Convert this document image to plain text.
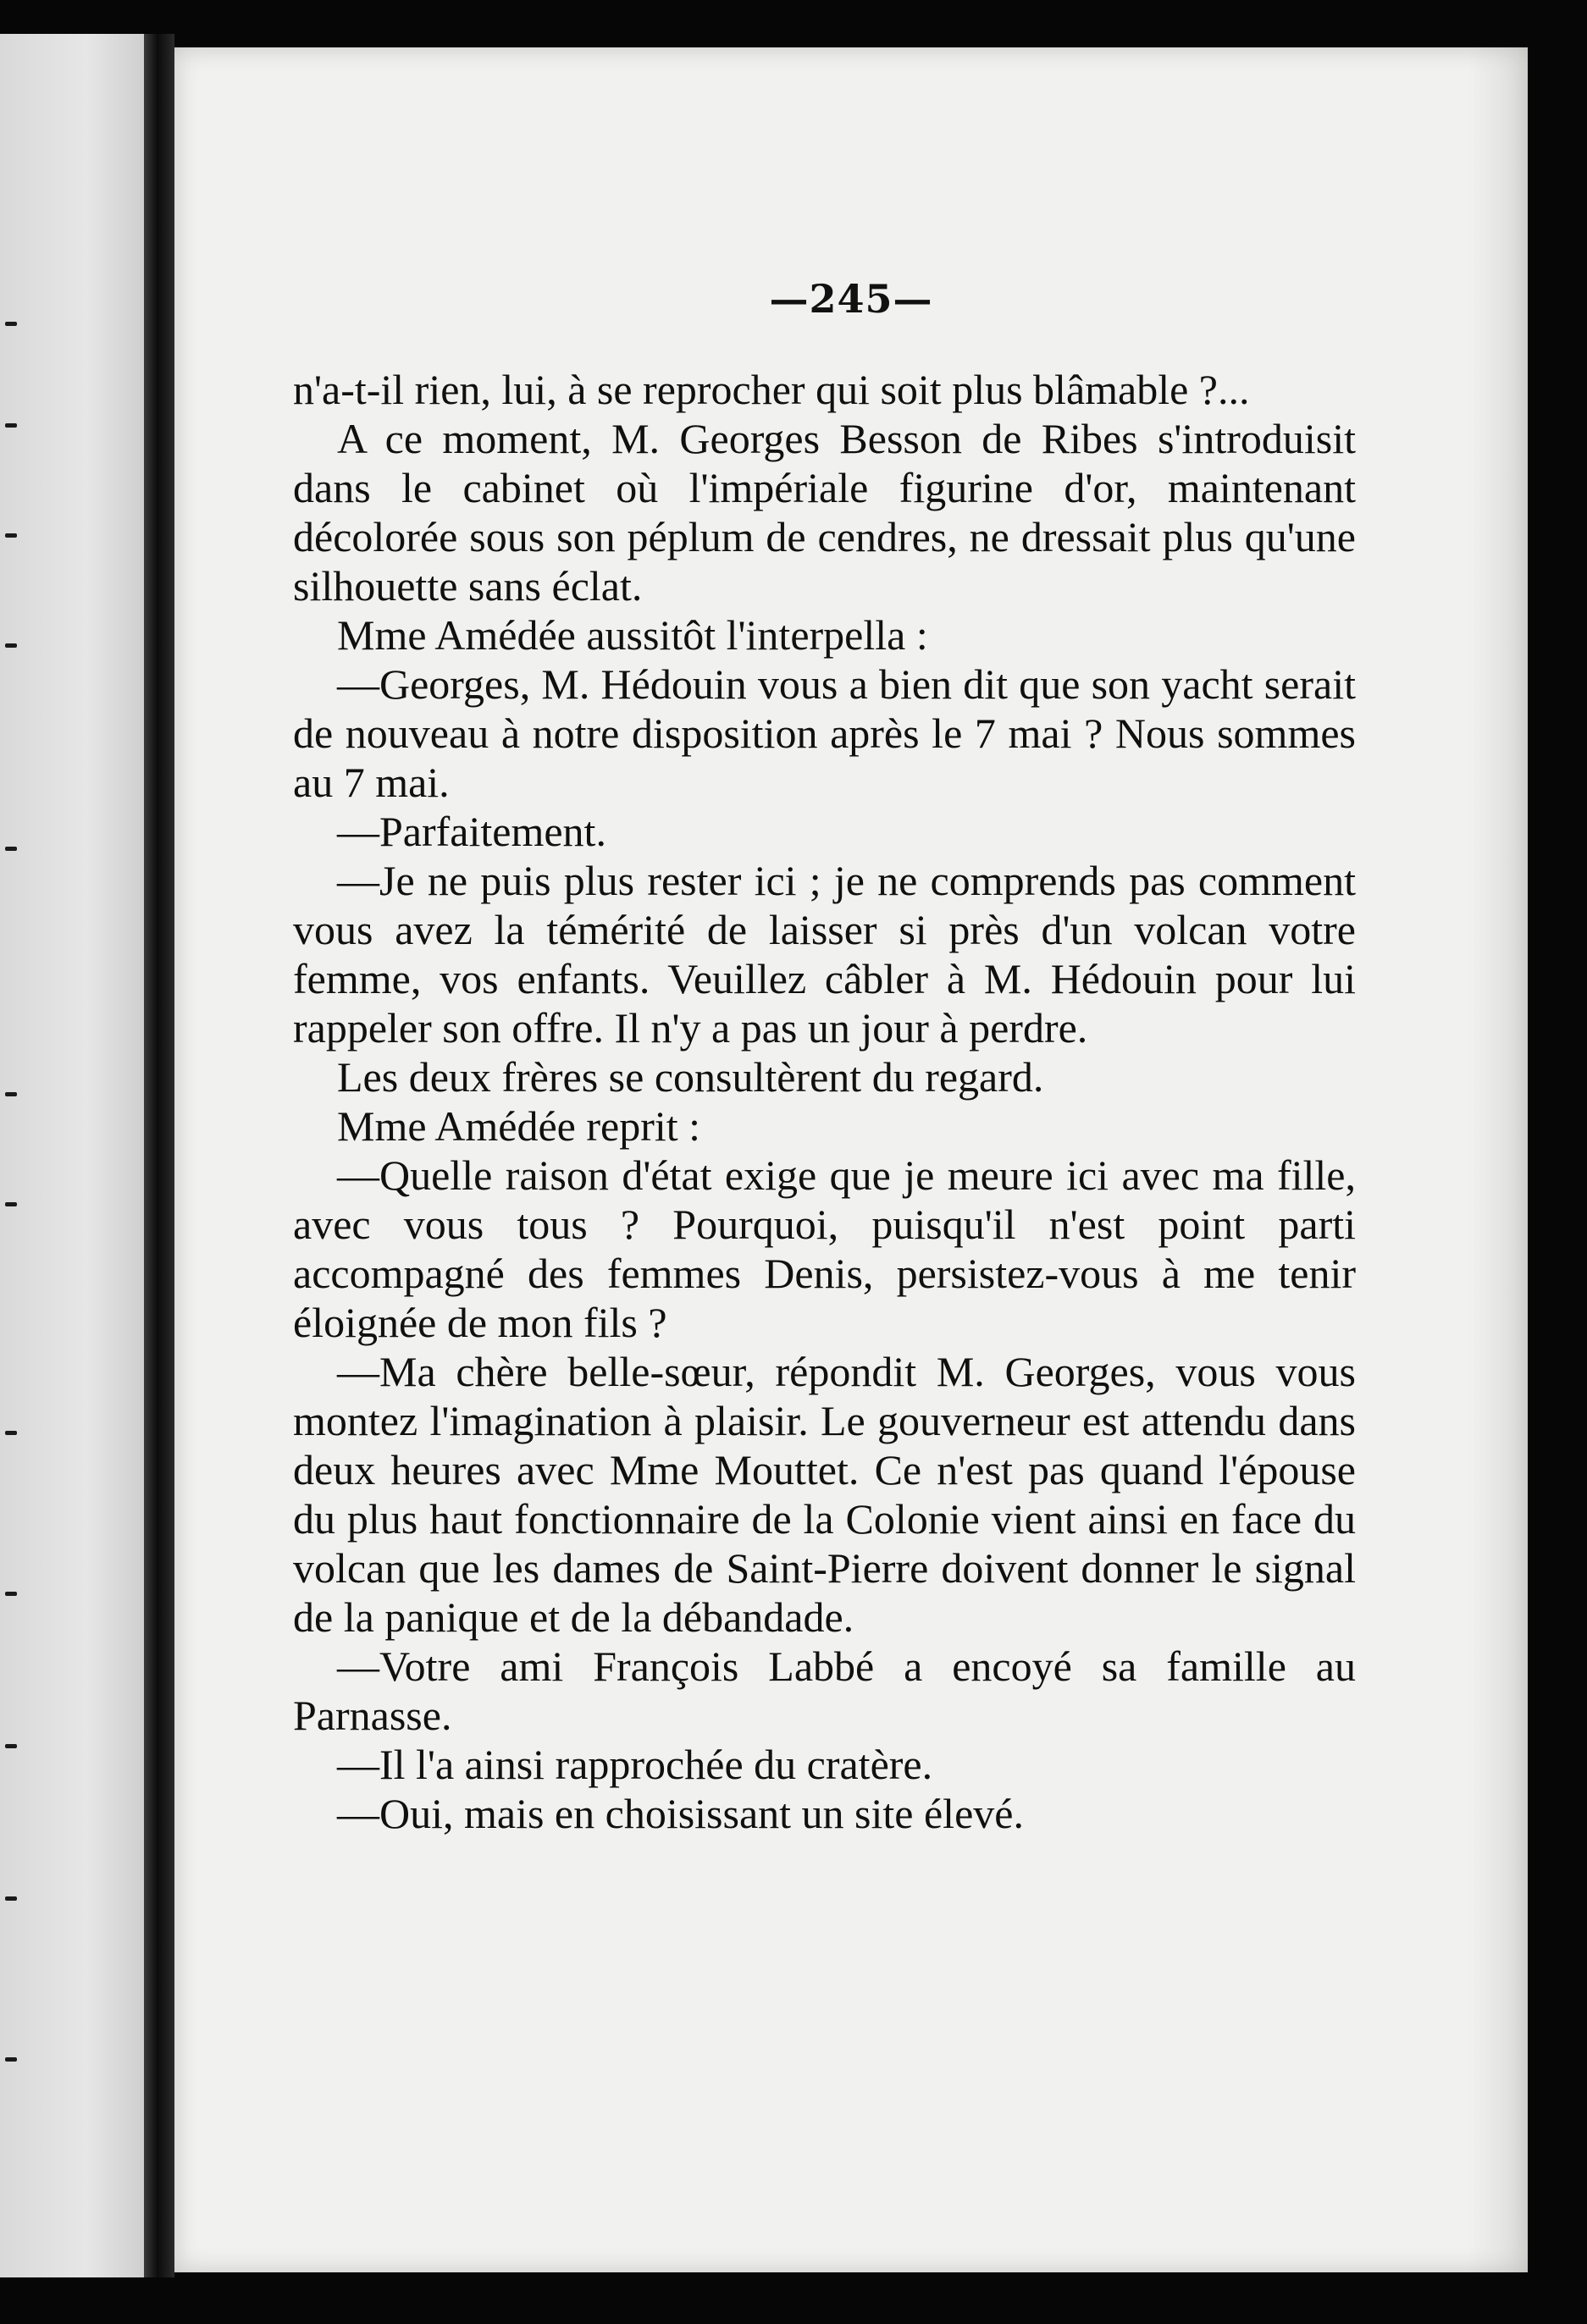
—245—

n'a-t-il rien, lui, à se reprocher qui soit plus blâmable ?...

A ce moment, M. Georges Besson de Ribes s'introduisit dans le cabinet où l'impériale figurine d'or, maintenant décolorée sous son péplum de cendres, ne dressait plus qu'une silhouette sans éclat.

Mme Amédée aussitôt l'interpella :

—Georges, M. Hédouin vous a bien dit que son yacht serait de nouveau à notre disposition après le 7 mai ? Nous sommes au 7 mai.

—Parfaitement.

—Je ne puis plus rester ici ; je ne comprends pas comment vous avez la témérité de laisser si près d'un volcan votre femme, vos enfants. Veuillez câbler à M. Hédouin pour lui rappeler son offre. Il n'y a pas un jour à perdre.

Les deux frères se consultèrent du regard.

Mme Amédée reprit :

—Quelle raison d'état exige que je meure ici avec ma fille, avec vous tous ? Pourquoi, puisqu'il n'est point parti accompagné des femmes Denis, persistez-vous à me tenir éloignée de mon fils ?

—Ma chère belle-sœur, répondit M. Georges, vous vous montez l'imagination à plaisir. Le gouverneur est attendu dans deux heures avec Mme Mouttet. Ce n'est pas quand l'épouse du plus haut fonctionnaire de la Colonie vient ainsi en face du volcan que les dames de Saint-Pierre doivent donner le signal de la panique et de la débandade.

—Votre ami François Labbé a encoyé sa famille au Parnasse.

—Il l'a ainsi rapprochée du cratère.

—Oui, mais en choisissant un site élevé.
